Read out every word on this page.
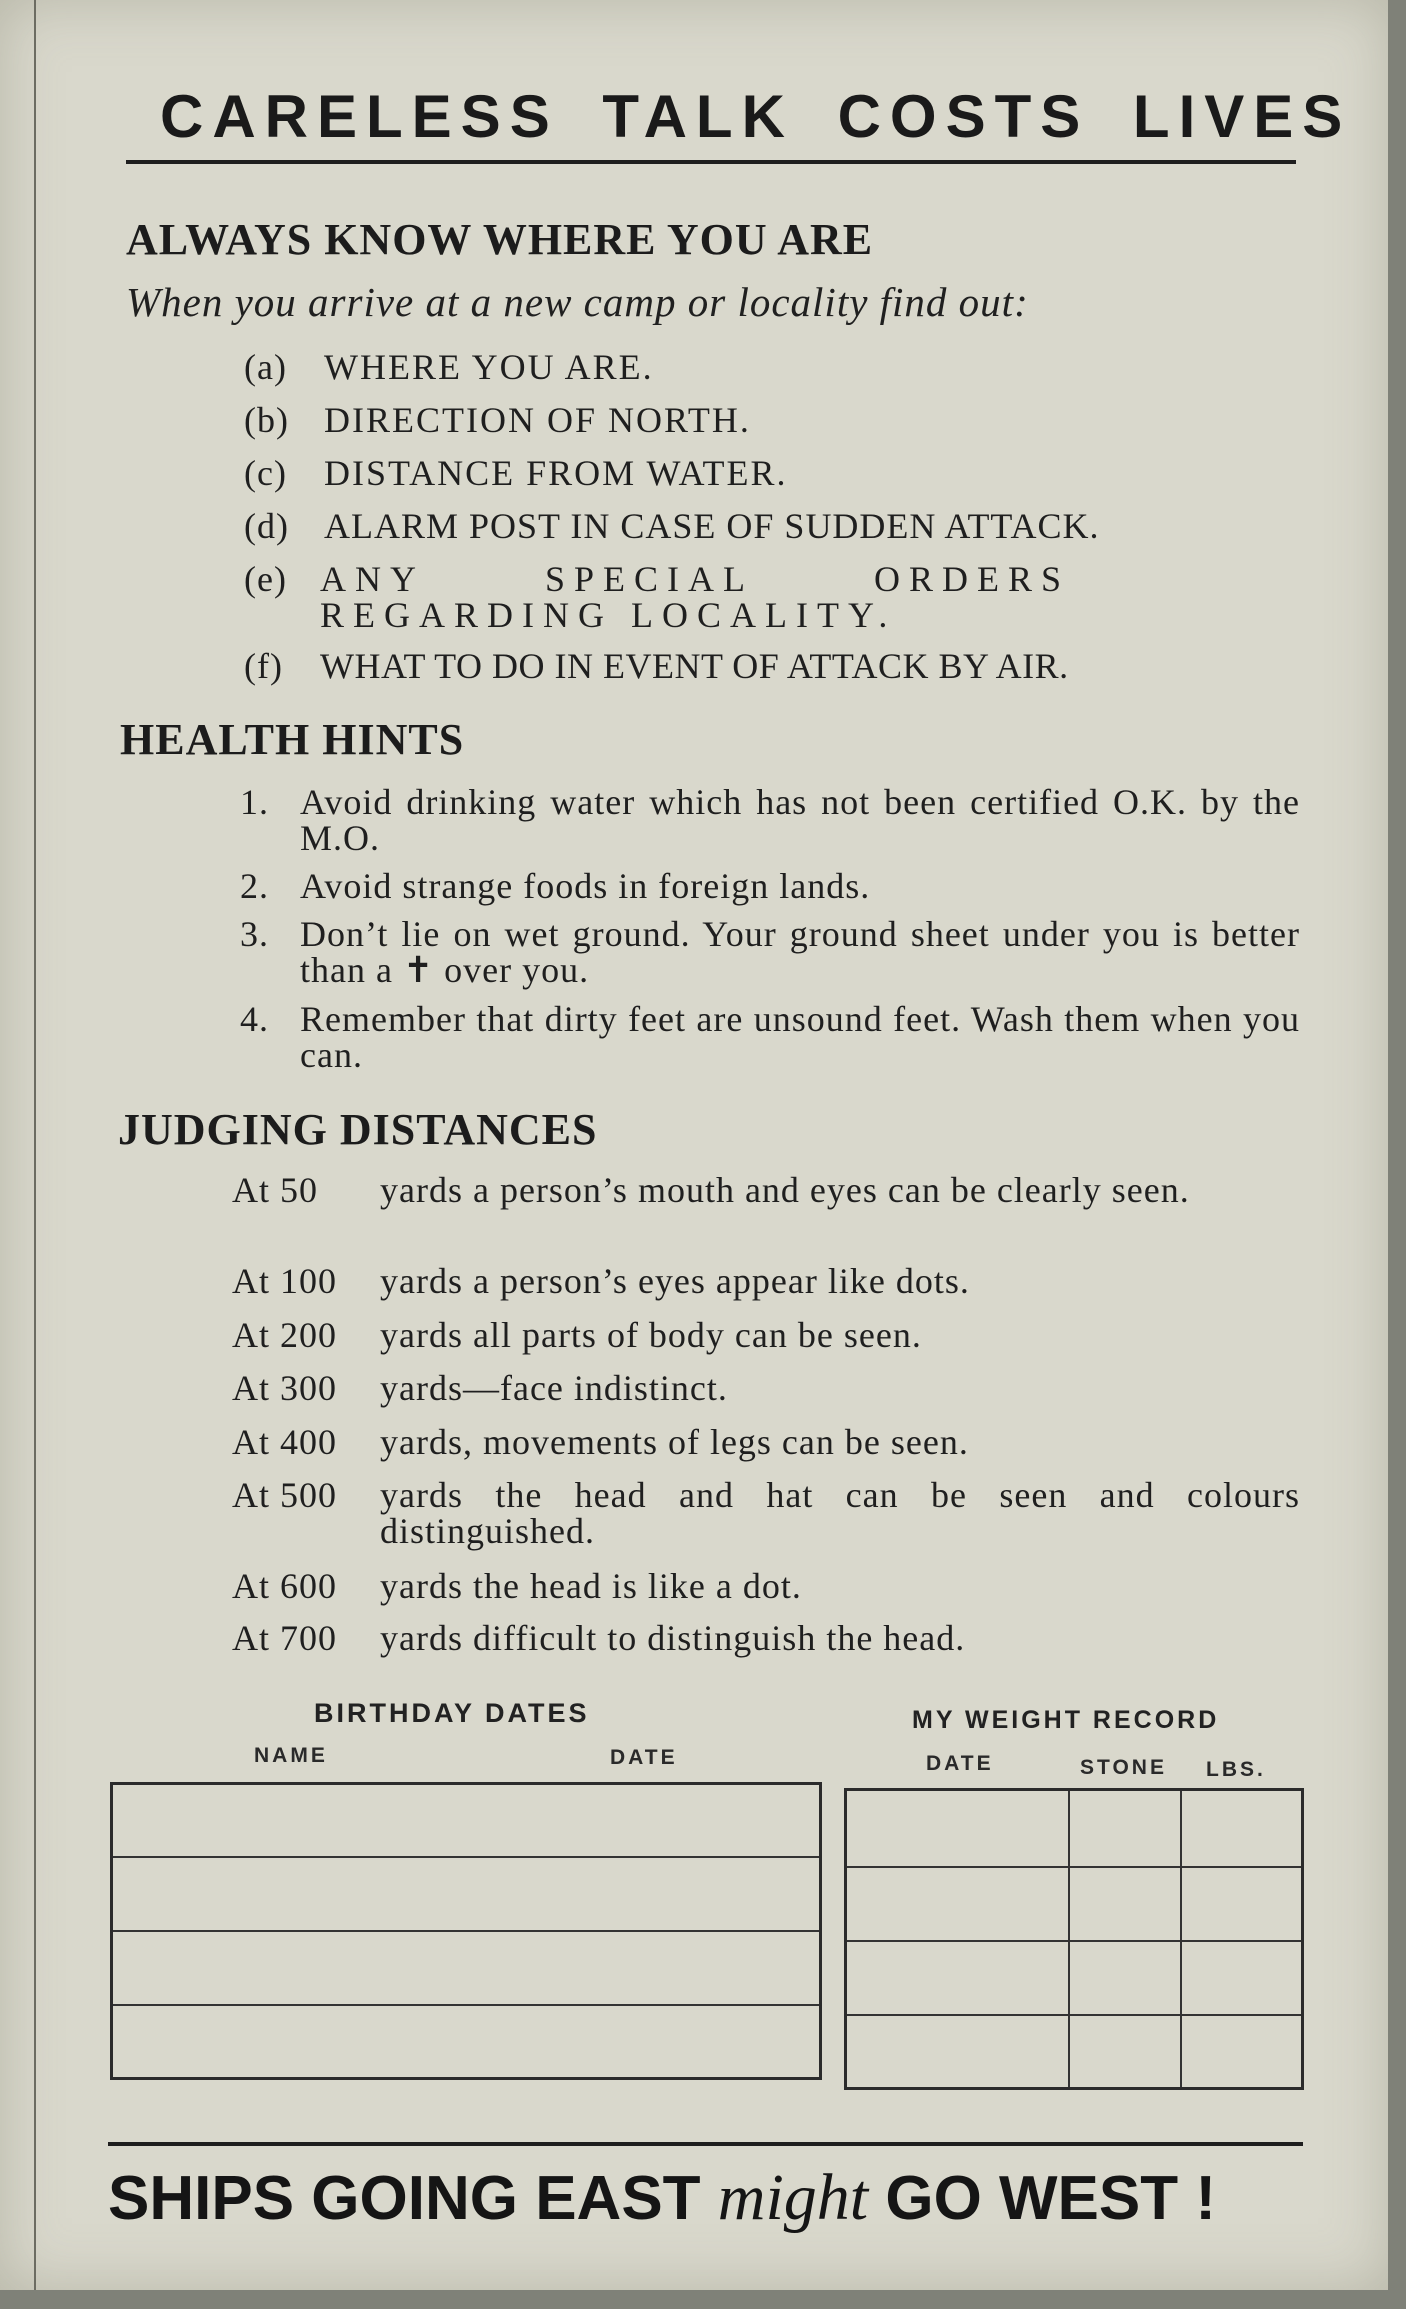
CARELESS TALK COSTS LIVES
ALWAYS KNOW WHERE YOU ARE
When you arrive at a new camp or locality find out:
(a) WHERE YOU ARE.
(b) DIRECTION OF NORTH.
(c) DISTANCE FROM WATER.
(d) ALARM POST IN CASE OF SUDDEN ATTACK.
(e) ANY SPECIAL ORDERS REGARDING LOCALITY.
(f) WHAT TO DO IN EVENT OF ATTACK BY AIR.
HEALTH HINTS
1. Avoid drinking water which has not been certified O.K. by the M.O.
2. Avoid strange foods in foreign lands.
3. Don’t lie on wet ground. Your ground sheet under you is better than a ✝ over you.
4. Remember that dirty feet are unsound feet. Wash them when you can.
JUDGING DISTANCES
At 50 yards a person’s mouth and eyes can be clearly seen.
At 100 yards a person’s eyes appear like dots.
At 200 yards all parts of body can be seen.
At 300 yards—face indistinct.
At 400 yards, movements of legs can be seen.
At 500 yards the head and hat can be seen and colours distinguished.
At 600 yards the head is like a dot.
At 700 yards difficult to distinguish the head.
BIRTHDAY DATES
NAME	DATE
MY WEIGHT RECORD
DATE	STONE LBS.
SHIPS GOING EAST might GO WEST !
